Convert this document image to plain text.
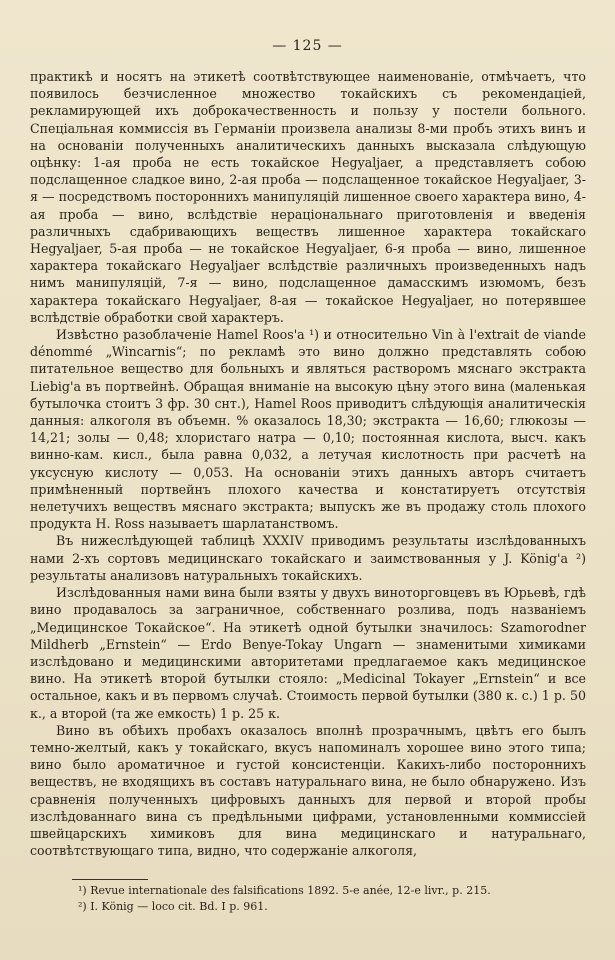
— 125 —

практикѣ и носятъ на этикетѣ соотвѣтствующее наименованіе, отмѣчаетъ, что появилось безчисленное множество токайскихъ съ рекомендаціей, рекламирующей ихъ доброкачественность и пользу у постели больного. Спеціальная коммиссія въ Германіи произвела анализы 8-ми пробъ этихъ винъ и на основаніи полученныхъ аналитическихъ данныхъ высказала слѣдующую оцѣнку: 1-ая проба не есть токайское Hegyaljaer, а представляетъ собою подслащенное сладкое вино, 2-ая проба — подслащенное токайское Hegyaljaer, 3-я — посредствомъ постороннихъ манипуляцій лишенное своего характера вино, 4-ая проба — вино, вслѣдствіе нераціональнаго приготовленія и введенія различныхъ сдабривающихъ веществъ лишенное характера токайскаго Hegyaljaer, 5-ая проба — не токайское Hegyaljaer, 6-я проба — вино, лишенное характера токайскаго Hegyaljaer вслѣдствіе различныхъ произведенныхъ надъ нимъ манипуляцій, 7-я — вино, подслащенное дамасскимъ изюмомъ, безъ характера токайскаго Hegyaljaer, 8-ая — токайское Hegyaljaer, но потерявшее вслѣдствіе обработки свой характеръ.

Извѣстно разоблаченіе Hamel Roos'а ¹) и относительно Vin à l'extrait de viande dénommé „Wincarnis“; по рекламѣ это вино должно представлять собою питательное вещество для больныхъ и являться растворомъ мяснаго экстракта Liebig'а въ портвейнѣ. Обращая вниманіе на высокую цѣну этого вина (маленькая бутылочка стоитъ 3 фр. 30 снт.), Hamel Roos приводитъ слѣдующія аналитическія данныя: алкоголя въ объемн. % оказалось 18,30; экстракта — 16,60; глюкозы — 14,21; золы — 0,48; хлористаго натра — 0,10; постоянная кислота, высч. какъ винно-кам. кисл., была равна 0,032, а летучая кислотность при расчетѣ на уксусную кислоту — 0,053. На основаніи этихъ данныхъ авторъ считаетъ примѣненный портвейнъ плохого качества и констатируетъ отсутствія нелетучихъ веществъ мяснаго экстракта; выпускъ же въ продажу столь плохого продукта H. Ross называетъ шарлатанствомъ.

Въ нижеслѣдующей таблицѣ XXXIV приводимъ результаты изслѣдованныхъ нами 2-хъ сортовъ медицинскаго токайскаго и заимствованныя у J. König'а ²) результаты анализовъ натуральныхъ токайскихъ.

Изслѣдованныя нами вина были взяты у двухъ виноторговцевъ въ Юрьевѣ, гдѣ вино продавалось за заграничное, собственнаго розлива, подъ названіемъ „Медицинское Токайское“. На этикетѣ одной бутылки значилось: Szamorodner Mildherb „Ernstein“ — Erdo Benye-Tokay Ungarn — знаменитыми химиками изслѣдовано и медицинскими авторитетами предлагаемое какъ медицинское вино. На этикетѣ второй бутылки стояло: „Medicinal Tokayer „Ernstein“ и все остальное, какъ и въ первомъ случаѣ. Стоимость первой бутылки (380 к. с.) 1 р. 50 к., а второй (та же емкость) 1 р. 25 к.

Вино въ обѣихъ пробахъ оказалось вполнѣ прозрачнымъ, цвѣтъ его былъ темно-желтый, какъ у токайскаго, вкусъ напоминалъ хорошее вино этого типа; вино было ароматичное и густой консистенціи. Какихъ-либо постороннихъ веществъ, не входящихъ въ составъ натуральнаго вина, не было обнаружено. Изъ сравненія полученныхъ цифровыхъ данныхъ для первой и второй пробы изслѣдованнаго вина съ предѣльными цифрами, установленными коммиссіей швейцарскихъ химиковъ для вина медицинскаго и натуральнаго, соотвѣтствующаго типа, видно, что содержаніе алкоголя,

¹) Revue internationale des falsifications 1892. 5-e anée, 12-e livr., p. 215.

²) I. König — loco cit. Bd. I p. 961.
